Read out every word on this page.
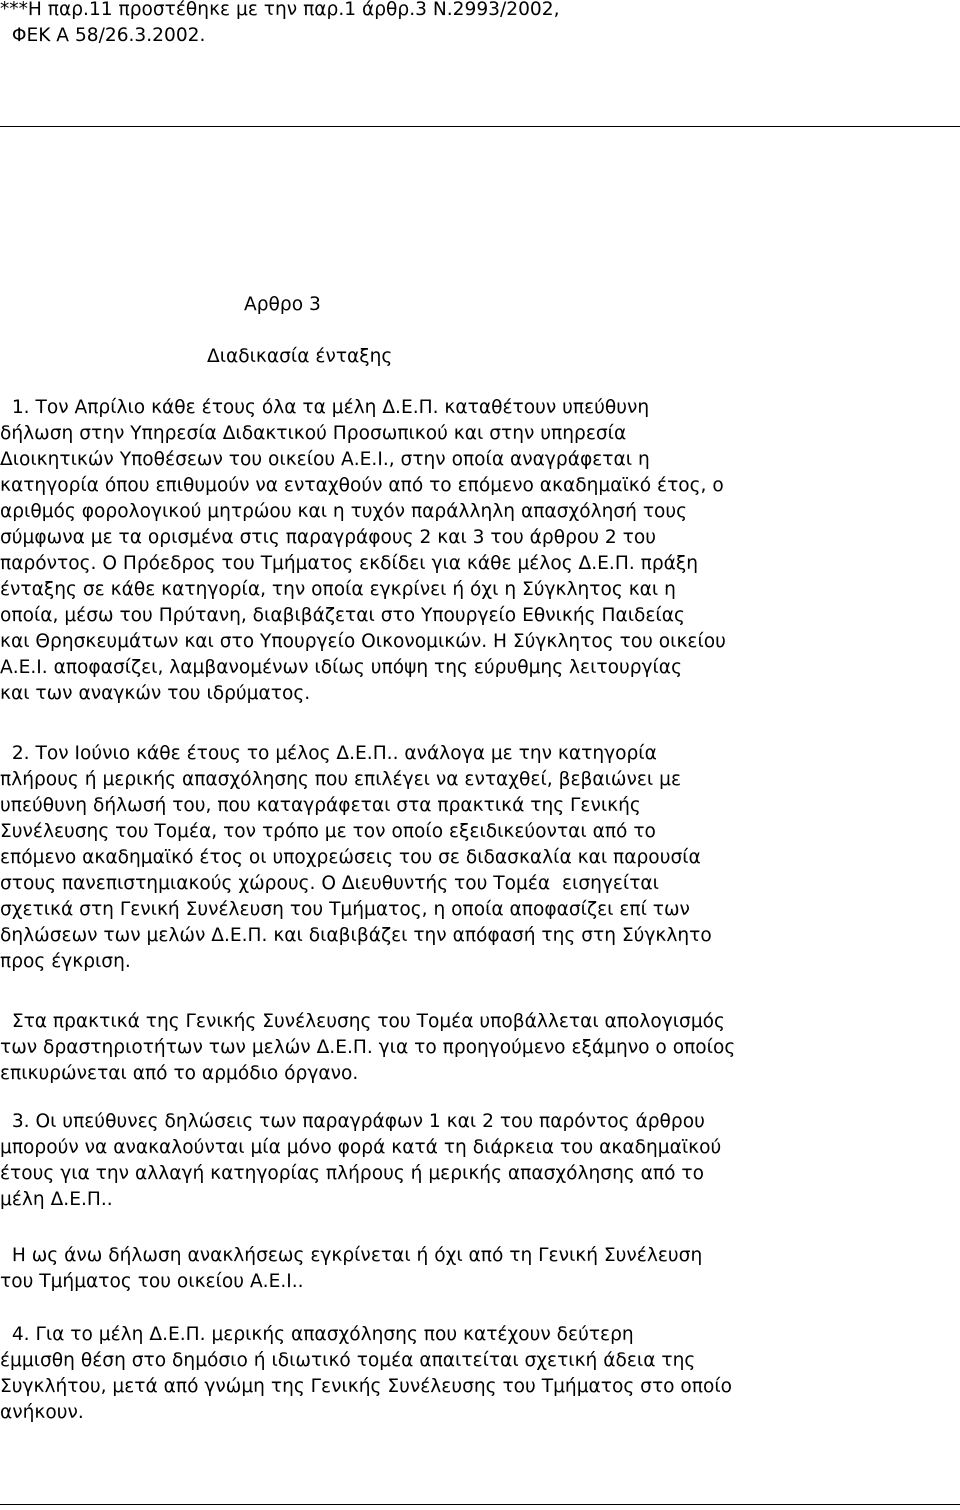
***Η παρ.11 προστέθηκε με την παρ.1 άρθρ.3 Ν.2993/2002,
ΦΕΚ Α 58/26.3.2002.
Αρθρο 3
Διαδικασία ένταξης
1. Τον Απρίλιο κάθε έτους όλα τα μέλη Δ.Ε.Π. καταθέτουν υπεύθυνη
δήλωση στην Υπηρεσία Διδακτικού Προσωπικού και στην υπηρεσία
Διοικητικών Υποθέσεων του οικείου Α.Ε.Ι., στην οποία αναγράφεται η
κατηγορία όπου επιθυμούν να ενταχθούν από το επόμενο ακαδημαϊκό έτος, ο
αριθμός φορολογικού μητρώου και η τυχόν παράλληλη απασχόλησή τους
σύμφωνα με τα ορισμένα στις παραγράφους 2 και 3 του άρθρου 2 του
παρόντος. Ο Πρόεδρος του Τμήματος εκδίδει για κάθε μέλος Δ.Ε.Π. πράξη
ένταξης σε κάθε κατηγορία, την οποία εγκρίνει ή όχι η Σύγκλητος και η
οποία, μέσω του Πρύτανη, διαβιβάζεται στο Υπουργείο Εθνικής Παιδείας
και Θρησκευμάτων και στο Υπουργείο Οικονομικών. Η Σύγκλητος του οικείου
Α.Ε.Ι. αποφασίζει, λαμβανομένων ιδίως υπόψη της εύρυθμης λειτουργίας
και των αναγκών του ιδρύματος.
2. Τον Ιούνιο κάθε έτους το μέλος Δ.Ε.Π.. ανάλογα με την κατηγορία
πλήρους ή μερικής απασχόλησης που επιλέγει να ενταχθεί, βεβαιώνει με
υπεύθυνη δήλωσή του, που καταγράφεται στα πρακτικά της Γενικής
Συνέλευσης του Τομέα, τον τρόπο με τον οποίο εξειδικεύονται από το
επόμενο ακαδημαϊκό έτος οι υποχρεώσεις του σε διδασκαλία και παρουσία
στους πανεπιστημιακούς χώρους. Ο Διευθυντής του Τομέα  εισηγείται
σχετικά στη Γενική Συνέλευση του Τμήματος, η οποία αποφασίζει επί των
δηλώσεων των μελών Δ.Ε.Π. και διαβιβάζει την απόφασή της στη Σύγκλητο
προς έγκριση.
Στα πρακτικά της Γενικής Συνέλευσης του Τομέα υποβάλλεται απολογισμός
των δραστηριοτήτων των μελών Δ.Ε.Π. για το προηγούμενο εξάμηνο ο οποίος
επικυρώνεται από το αρμόδιο όργανο.
3. Οι υπεύθυνες δηλώσεις των παραγράφων 1 και 2 του παρόντος άρθρου
μπορούν να ανακαλούνται μία μόνο φορά κατά τη διάρκεια του ακαδημαϊκού
έτους για την αλλαγή κατηγορίας πλήρους ή μερικής απασχόλησης από το
μέλη Δ.Ε.Π..
Η ως άνω δήλωση ανακλήσεως εγκρίνεται ή όχι από τη Γενική Συνέλευση
του Τμήματος του οικείου Α.Ε.Ι..
4. Για το μέλη Δ.Ε.Π. μερικής απασχόλησης που κατέχουν δεύτερη
έμμισθη θέση στο δημόσιο ή ιδιωτικό τομέα απαιτείται σχετική άδεια της
Συγκλήτου, μετά από γνώμη της Γενικής Συνέλευσης του Τμήματος στο οποίο
ανήκουν.
